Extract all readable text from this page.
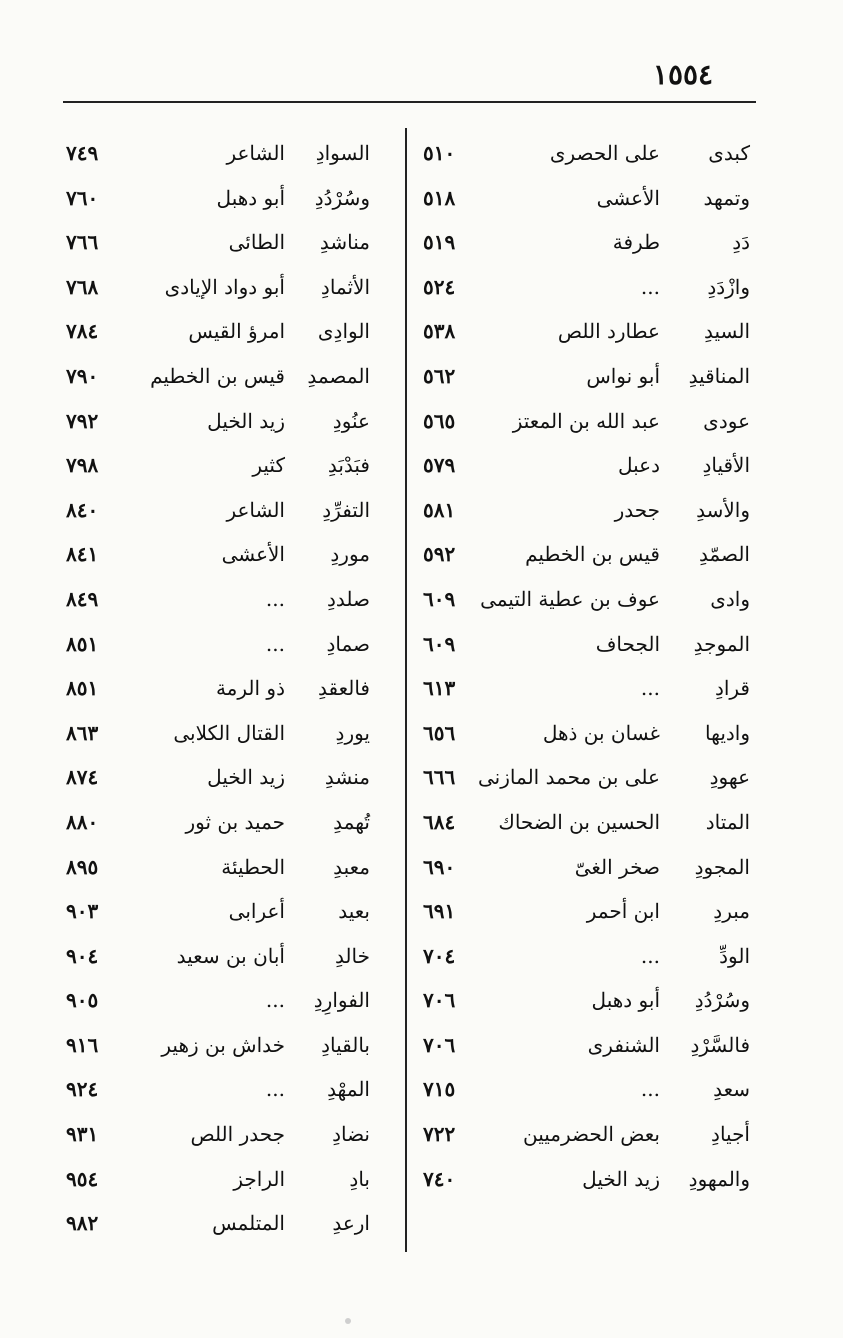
١٥٥٤
كبدى
على الحصرى
٥١٠
وتمهد
الأعشى
٥١٨
دَدِ
طرفة
٥١٩
وازْدَدِ
...
٥٢٤
السيدِ
عطارد اللص
٥٣٨
المناقيدِ
أبو نواس
٥٦٢
عودى
عبد الله بن المعتز
٥٦٥
الأقيادِ
دعبل
٥٧٩
والأسدِ
جحدر
٥٨١
الصمّدِ
قيس بن الخطيم
٥٩٢
وادى
عوف بن عطية التيمى
٦٠٩
الموجدِ
الجحاف
٦٠٩
قرادِ
...
٦١٣
واديها
غسان بن ذهل
٦٥٦
عهودِ
على بن محمد المازنى
٦٦٦
المتاد
الحسين بن الضحاك
٦٨٤
المجودِ
صخر الغىّ
٦٩٠
مبردِ
ابن أحمر
٦٩١
الودِّ
...
٧٠٤
وسُرْدُدِ
أبو دهبل
٧٠٦
فالسَّرْدِ
الشنفرى
٧٠٦
سعدِ
...
٧١٥
أجيادِ
بعض الحضرميين
٧٢٢
والمهودِ
زيد الخيل
٧٤٠
السوادِ
الشاعر
٧٤٩
وسُرْدُدِ
أبو دهبل
٧٦٠
مناشدِ
الطائى
٧٦٦
الأثمادِ
أبو دواد الإيادى
٧٦٨
الوادِى
امرؤ القيس
٧٨٤
المصمدِ
قيس بن الخطيم
٧٩٠
عنُودِ
زيد الخيل
٧٩٢
فبَدْبَدِ
كثير
٧٩٨
التفرِّدِ
الشاعر
٨٤٠
موردِ
الأعشى
٨٤١
صلددِ
...
٨٤٩
صمادِ
...
٨٥١
فالعقدِ
ذو الرمة
٨٥١
يوردِ
القتال الكلابى
٨٦٣
منشدِ
زيد الخيل
٨٧٤
تُهمدِ
حميد بن ثور
٨٨٠
معبدِ
الحطيئة
٨٩٥
بعيد
أعرابى
٩٠٣
خالدِ
أبان بن سعيد
٩٠٤
الفوارِدِ
...
٩٠٥
بالقيادِ
خداش بن زهير
٩١٦
المهْدِ
...
٩٢٤
نضادِ
جحدر اللص
٩٣١
بادِ
الراجز
٩٥٤
ارعدِ
المتلمس
٩٨٢
